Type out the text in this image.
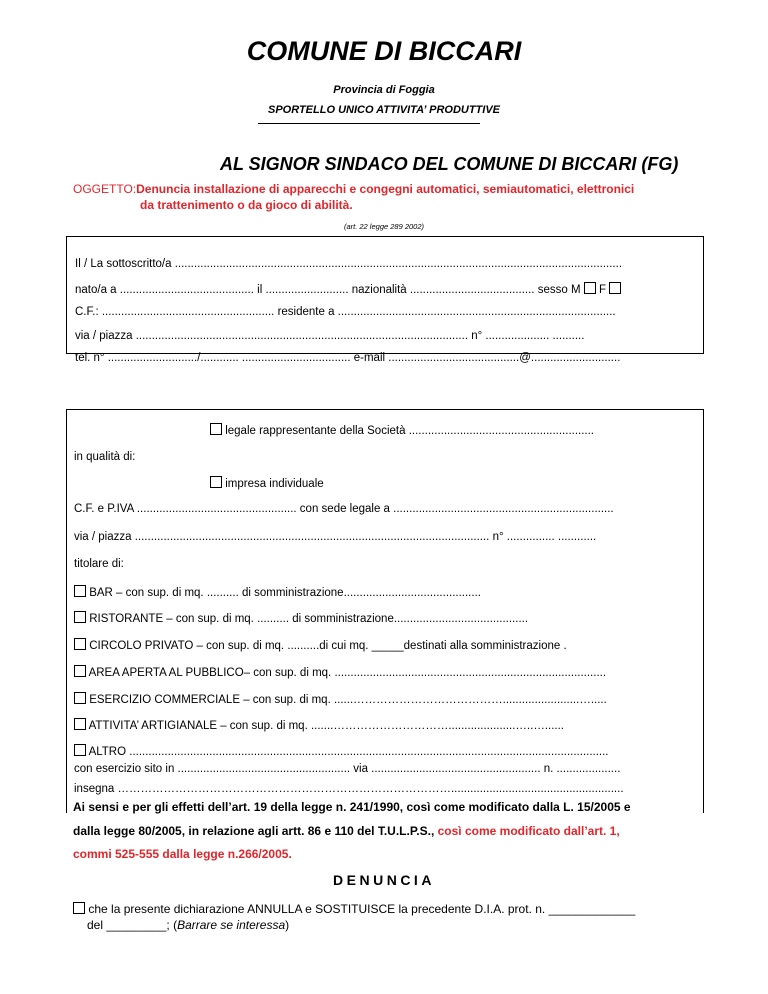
COMUNE DI BICCARI
Provincia di Foggia
SPORTELLO UNICO ATTIVITA’ PRODUTTIVE
AL SIGNOR SINDACO DEL COMUNE DI BICCARI (FG)
OGGETTO:Denuncia installazione di apparecchi e congegni automatici, semiautomatici, elettronici
da trattenimento o da gioco di abilità.
(art. 22 legge 289 2002)
Il / La sottoscritto/a ............................................................................................................................................
nato/a a .......................................... il .......................... nazionalità ....................................... sesso M F
C.F.: ...................................................... residente a .......................................................................................
via / piazza ........................................................................................................ n° .................... ..........
tel. n° ............................/............ .................................. e-mail .........................................@............................
legale rappresentante della Società ..........................................................
in qualità di:
impresa individuale
C.F. e P.IVA .................................................. con sede legale a .....................................................................
via / piazza ............................................................................................................... n° ............... ............
titolare di:
BAR – con sup. di mq. .......... di somministrazione...........................................
RISTORANTE – con sup. di mq. .......... di somministrazione..........................................
CIRCOLO PRIVATO – con sup. di mq. ..........di cui mq. _____destinati alla somministrazione .
AREA APERTA AL PUBBLICO– con sup. di mq. .....................................................................................
ESERCIZIO COMMERCIALE – con sup. di mq. ......…………………………………........................….....
ATTIVITA’ ARTIGIANALE – con sup. di mq. .......………………………….....................…..…......
ALTRO ......................................................................................................................................................
con esercizio sito in ...................................................... via ..................................................... n. ....................
insegna ……………………………………………………………………………......................................................
Ai sensi e per gli effetti dell’art. 19 della legge n. 241/1990, così come modificato dalla L. 15/2005 e
dalla legge 80/2005, in relazione agli artt. 86 e 110 del T.U.L.P.S., così come modificato dall’art. 1,
commi 525-555 dalla legge n.266/2005.
DENUNCIA
che la presente dichiarazione ANNULLA e SOSTITUISCE la precedente D.I.A. prot. n. _____________
del _________; (Barrare se interessa)
